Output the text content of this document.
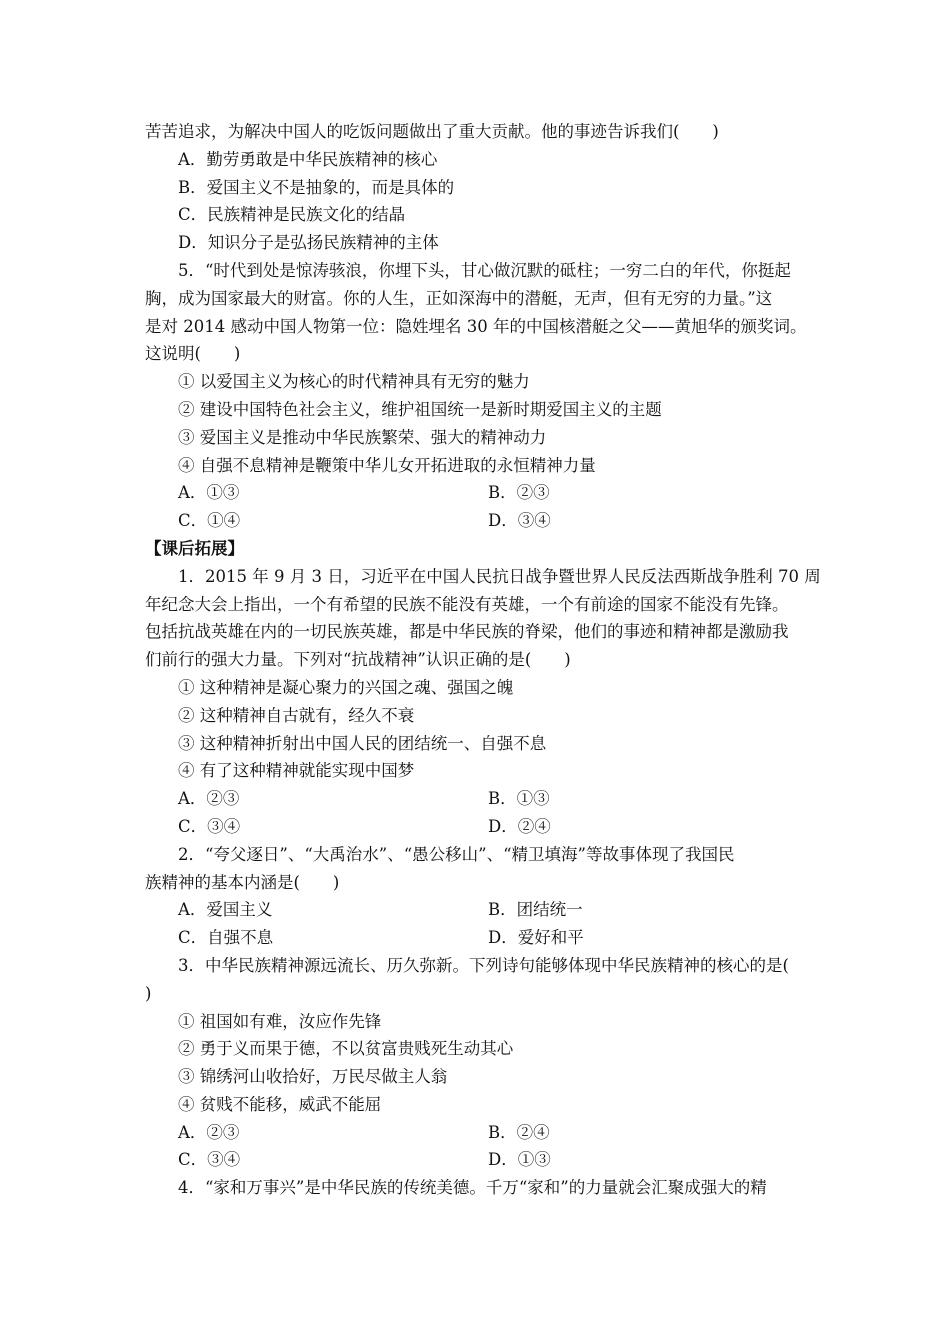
苦苦追求，为解决中国人的吃饭问题做出了重大贡献。他的事迹告诉我们(　　)

A．勤劳勇敢是中华民族精神的核心

B．爱国主义不是抽象的，而是具体的

C．民族精神是民族文化的结晶

D．知识分子是弘扬民族精神的主体

5．“时代到处是惊涛骇浪，你埋下头，甘心做沉默的砥柱；一穷二白的年代，你挺起

胸，成为国家最大的财富。你的人生，正如深海中的潜艇，无声，但有无穷的力量。”这

是对 2014 感动中国人物第一位：隐姓埋名 30 年的中国核潜艇之父——黄旭华的颁奖词。

这说明(　　)

① 以爱国主义为核心的时代精神具有无穷的魅力

② 建设中国特色社会主义，维护祖国统一是新时期爱国主义的主题

③ 爱国主义是推动中华民族繁荣、强大的精神动力

④ 自强不息精神是鞭策中华儿女开拓进取的永恒精神力量

A．①③	B．②③
C．①④	D．③④

【课后拓展】

1．2015 年 9 月 3 日，习近平在中国人民抗日战争暨世界人民反法西斯战争胜利 70 周

年纪念大会上指出，一个有希望的民族不能没有英雄，一个有前途的国家不能没有先锋。

包括抗战英雄在内的一切民族英雄，都是中华民族的脊梁，他们的事迹和精神都是激励我

们前行的强大力量。下列对“抗战精神”认识正确的是(　　)

① 这种精神是凝心聚力的兴国之魂、强国之魄

② 这种精神自古就有，经久不衰

③ 这种精神折射出中国人民的团结统一、自强不息

④ 有了这种精神就能实现中国梦

A．②③	B．①③
C．③④	D．②④

2．“夸父逐日”、“大禹治水”、“愚公移山”、“精卫填海”等故事体现了我国民

族精神的基本内涵是(　　)

A．爱国主义	B．团结统一
C．自强不息	D．爱好和平

3．中华民族精神源远流长、历久弥新。下列诗句能够体现中华民族精神的核心的是(

)

① 祖国如有难，汝应作先锋

② 勇于义而果于德，不以贫富贵贱死生动其心

③ 锦绣河山收拾好，万民尽做主人翁

④ 贫贱不能移，威武不能屈

A．②③	B．②④
C．③④	D．①③

4．“家和万事兴”是中华民族的传统美德。千万“家和”的力量就会汇聚成强大的精
